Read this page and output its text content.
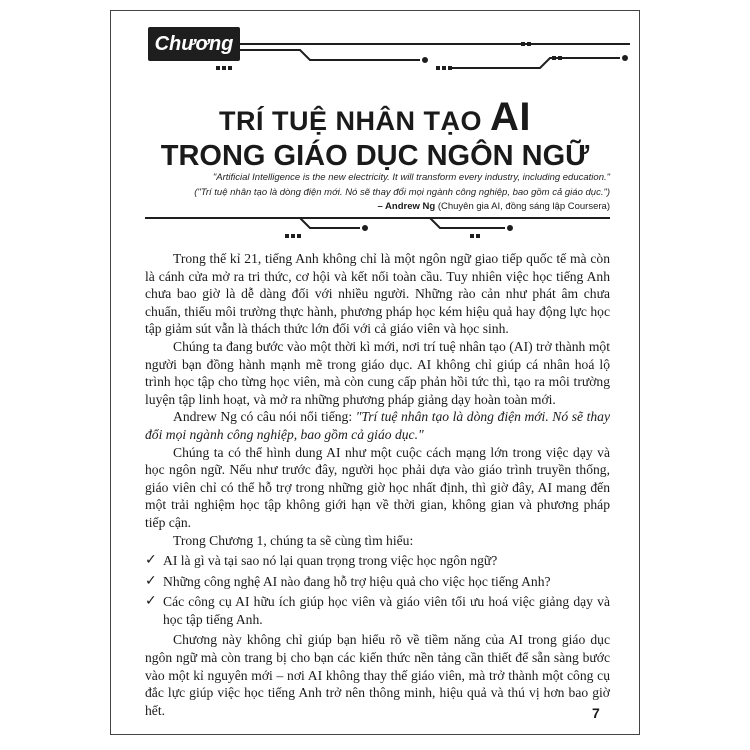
Chương 1
TRÍ TUỆ NHÂN TẠO AI
TRONG GIÁO DỤC NGÔN NGỮ
"Artificial Intelligence is the new electricity. It will transform every industry, including education."
("Trí tuệ nhân tạo là dòng điện mới. Nó sẽ thay đổi mọi ngành công nghiệp, bao gồm cả giáo dục.")
– Andrew Ng (Chuyên gia AI, đồng sáng lập Coursera)

Trong thế kỉ 21, tiếng Anh không chỉ là một ngôn ngữ giao tiếp quốc tế mà còn là cánh cửa mở ra tri thức, cơ hội và kết nối toàn cầu. Tuy nhiên việc học tiếng Anh chưa bao giờ là dễ dàng đối với nhiều người. Những rào cản như phát âm chưa chuẩn, thiếu môi trường thực hành, phương pháp học kém hiệu quả hay động lực học tập giảm sút vẫn là thách thức lớn đối với cả giáo viên và học sinh.

Chúng ta đang bước vào một thời kì mới, nơi trí tuệ nhân tạo (AI) trở thành một người bạn đồng hành mạnh mẽ trong giáo dục. AI không chỉ giúp cá nhân hoá lộ trình học tập cho từng học viên, mà còn cung cấp phản hồi tức thì, tạo ra môi trường luyện tập linh hoạt, và mở ra những phương pháp giảng dạy hoàn toàn mới.

Andrew Ng có câu nói nổi tiếng: "Trí tuệ nhân tạo là dòng điện mới. Nó sẽ thay đổi mọi ngành công nghiệp, bao gồm cả giáo dục."

Chúng ta có thể hình dung AI như một cuộc cách mạng lớn trong việc dạy và học ngôn ngữ. Nếu như trước đây, người học phải dựa vào giáo trình truyền thống, giáo viên chỉ có thể hỗ trợ trong những giờ học nhất định, thì giờ đây, AI mang đến một trải nghiệm học tập không giới hạn về thời gian, không gian và phương pháp tiếp cận.

Trong Chương 1, chúng ta sẽ cùng tìm hiểu:

✓ AI là gì và tại sao nó lại quan trọng trong việc học ngôn ngữ?
✓ Những công nghệ AI nào đang hỗ trợ hiệu quả cho việc học tiếng Anh?
✓ Các công cụ AI hữu ích giúp học viên và giáo viên tối ưu hoá việc giảng dạy và học tập tiếng Anh.

Chương này không chỉ giúp bạn hiểu rõ về tiềm năng của AI trong giáo dục ngôn ngữ mà còn trang bị cho bạn các kiến thức nền tảng cần thiết để sẵn sàng bước vào một kỉ nguyên mới – nơi AI không thay thế giáo viên, mà trở thành một công cụ đắc lực giúp việc học tiếng Anh trở nên thông minh, hiệu quả và thú vị hơn bao giờ hết.	7
